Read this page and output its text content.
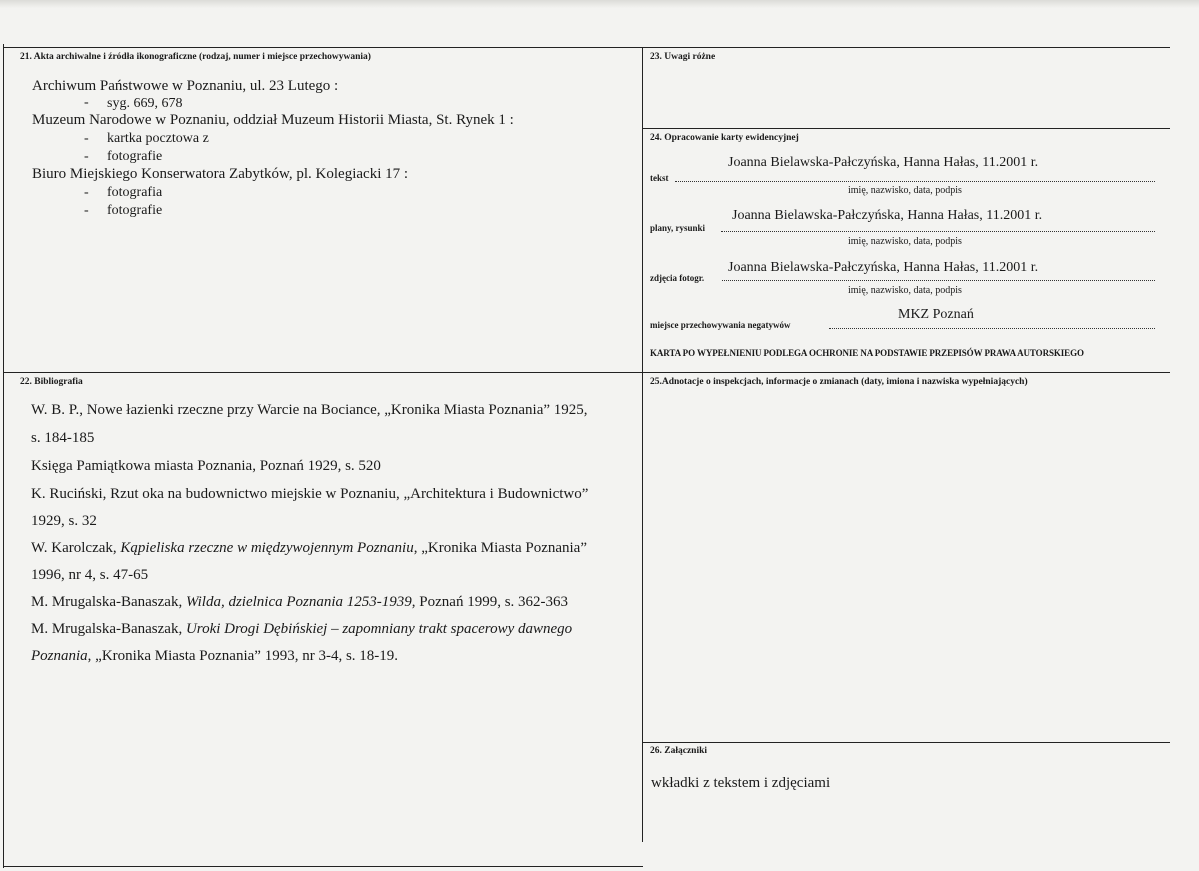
21. Akta archiwalne i źródła ikonograficzne (rodzaj, numer i miejsce przechowywania)
Archiwum Państwowe w Poznaniu, ul. 23 Lutego :
- syg. 669, 678
Muzeum Narodowe w Poznaniu, oddział Muzeum Historii Miasta, St. Rynek 1 :
- kartka pocztowa z
- fotografie
Biuro Miejskiego Konserwatora Zabytków, pl. Kolegiacki 17 :
- fotografia
- fotografie
22. Bibliografia
W. B. P., Nowe łazienki rzeczne przy Warcie na Bociance, „Kronika Miasta Poznania” 1925,
s. 184-185
Księga Pamiątkowa miasta Poznania, Poznań 1929, s. 520
K. Ruciński, Rzut oka na budownictwo miejskie w Poznaniu, „Architektura i Budownictwo”
1929, s. 32
W. Karolczak, Kąpieliska rzeczne w międzywojennym Poznaniu, „Kronika Miasta Poznania”
1996, nr 4, s. 47-65
M. Mrugalska-Banaszak, Wilda, dzielnica Poznania 1253-1939, Poznań 1999, s. 362-363
M. Mrugalska-Banaszak, Uroki Drogi Dębińskiej – zapomniany trakt spacerowy dawnego
Poznania, „Kronika Miasta Poznania” 1993, nr 3-4, s. 18-19.
23. Uwagi różne
24. Opracowanie karty ewidencyjnej
Joanna Bielawska-Pałczyńska, Hanna Hałas, 11.2001 r.
tekst
imię, nazwisko, data, podpis
Joanna Bielawska-Pałczyńska, Hanna Hałas, 11.2001 r.
plany, rysunki
imię, nazwisko, data, podpis
Joanna Bielawska-Pałczyńska, Hanna Hałas, 11.2001 r.
zdjęcia fotogr.
imię, nazwisko, data, podpis
MKZ Poznań
miejsce przechowywania negatywów
KARTA PO WYPEŁNIENIU PODLEGA OCHRONIE NA PODSTAWIE PRZEPISÓW PRAWA AUTORSKIEGO
25.Adnotacje o inspekcjach, informacje o zmianach (daty, imiona i nazwiska wypełniających)
26. Załączniki
wkładki z tekstem i zdjęciami
